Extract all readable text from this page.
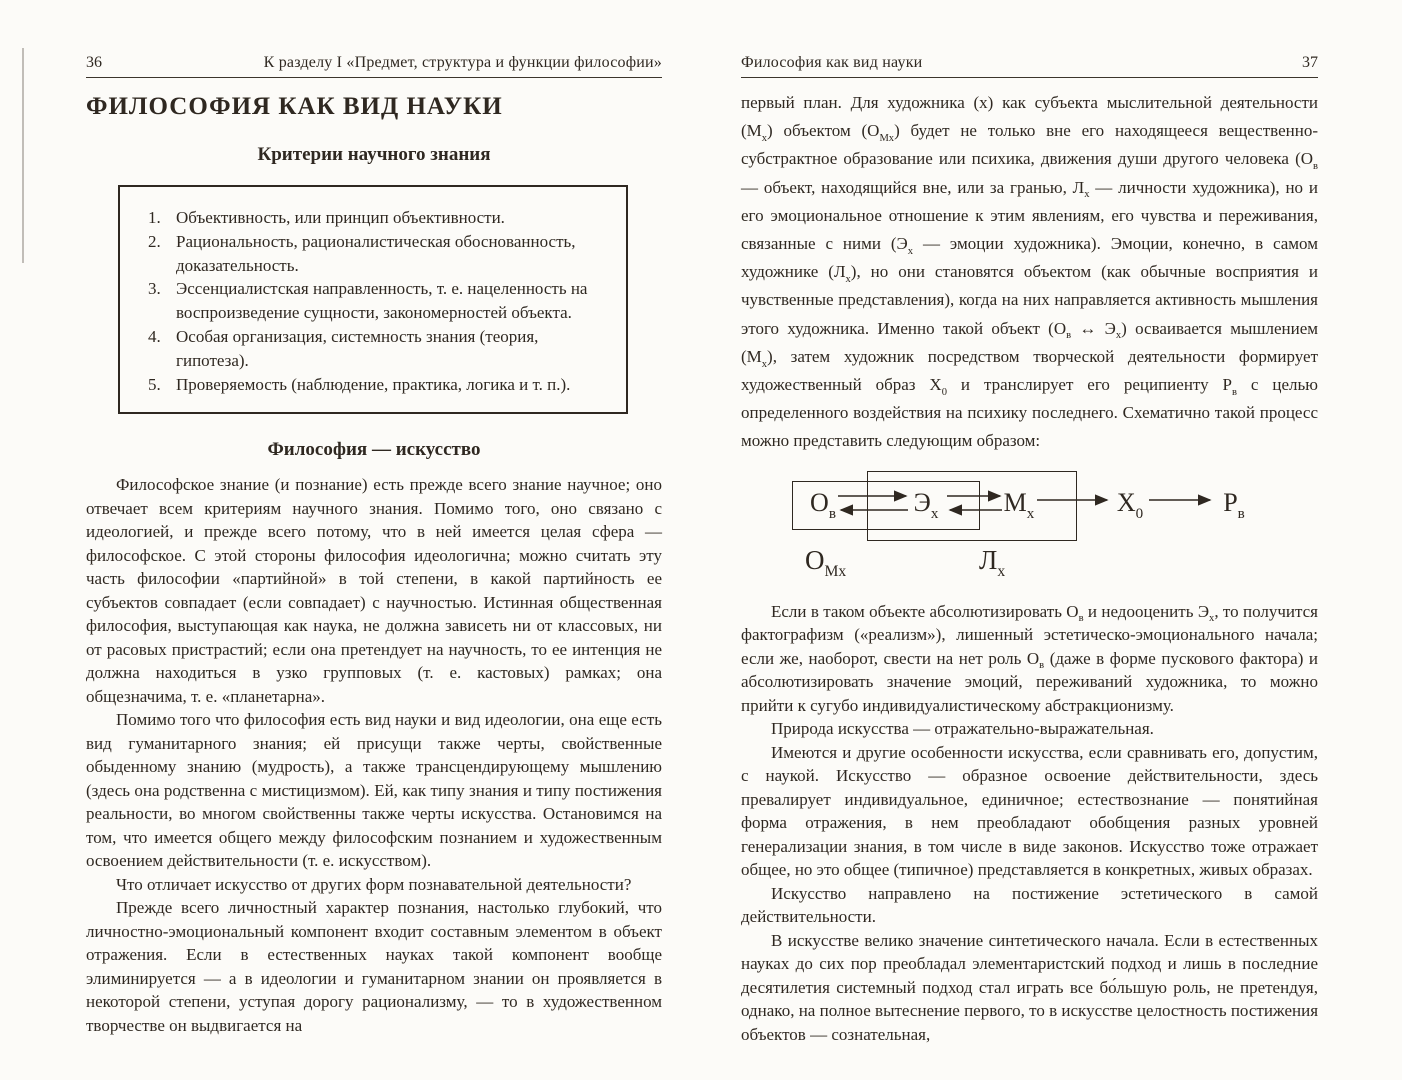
36	К разделу I «Предмет, структура и функции философии»
ФИЛОСОФИЯ КАК ВИД НАУКИ
Критерии научного знания
1. Объективность, или принцип объективности.
2. Рациональность, рационалистическая обоснованность, доказательность.
3. Эссенциалистская направленность, т. е. нацеленность на воспроизведение сущности, закономерностей объекта.
4. Особая организация, системность знания (теория, гипотеза).
5. Проверяемость (наблюдение, практика, логика и т. п.).
Философия — искусство

Философское знание (и познание) есть прежде всего знание научное; оно отвечает всем критериям научного знания. Помимо того, оно связано с идеологией, и прежде всего потому, что в ней имеется целая сфера — философское. С этой стороны философия идеологична; можно считать эту часть философии «партийной» в той степени, в какой партийность ее субъектов совпадает (если совпадает) с научностью. Истинная общественная философия, выступающая как наука, не должна зависеть ни от классовых, ни от расовых пристрастий; если она претендует на научность, то ее интенция не должна находиться в узко групповых (т. е. кастовых) рамках; она общезначима, т. е. «планетарна».

Помимо того что философия есть вид науки и вид идеологии, она еще есть вид гуманитарного знания; ей присущи также черты, свойственные обыденному знанию (мудрость), а также трансцендирующему мышлению (здесь она родственна с мистицизмом). Ей, как типу знания и типу постижения реальности, во многом свойственны также черты искусства. Остановимся на том, что имеется общего между философским познанием и художественным освоением действительности (т. е. искусством).

Что отличает искусство от других форм познавательной деятельности?

Прежде всего личностный характер познания, настолько глубокий, что личностно-эмоциональный компонент входит составным элементом в объект отражения. Если в естественных науках такой компонент вообще элиминируется — а в идеологии и гуманитарном знании он проявляется в некоторой степени, уступая дорогу рационализму, — то в художественном творчестве он выдвигается на

Философия как вид науки	37

первый план. Для художника (х) как субъекта мыслительной деятельности $(М_х)$ объектом $(О_{Мх})$ будет не только вне его находящееся вещественно-субстрактное образование или психика, движения души другого человека ($О_в$ — объект, находящийся вне, или за гранью, $Л_х$ — личности художника), но и его эмоциональное отношение к этим явлениям, его чувства и переживания, связанные с ними ($Э_х$ — эмоции художника). Эмоции, конечно, в самом художнике $(Л_х)$, но они становятся объектом (как обычные восприятия и чувственные представления), когда на них направляется активность мышления этого художника. Именно такой объект ($О_в$ ↔ $Э_х$) осваивается мышлением $(М_х)$, затем художник посредством творческой деятельности формирует художественный образ $Х_0$ и транслирует его реципиенту $Р_в$ с целью определенного воздействия на психику последнего. Схематично такой процесс можно представить следующим образом:

$О_в$	$Э_х$	$М_х$	$Х_0$	$Р_в$
$О_{Мх}$	$Л_х$

Если в таком объекте абсолютизировать $О_в$ и недооценить $Э_х$, то получится фактографизм («реализм»), лишенный эстетическо-эмоционального начала; если же, наоборот, свести на нет роль $О_в$ (даже в форме пускового фактора) и абсолютизировать значение эмоций, переживаний художника, то можно прийти к сугубо индивидуалистическому абстракционизму.

Природа искусства — отражательно-выражательная.

Имеются и другие особенности искусства, если сравнивать его, допустим, с наукой. Искусство — образное освоение действительности, здесь превалирует индивидуальное, единичное; естествознание — понятийная форма отражения, в нем преобладают обобщения разных уровней генерализации знания, в том числе в виде законов. Искусство тоже отражает общее, но это общее (типичное) представляется в конкретных, живых образах.

Искусство направлено на постижение эстетического в самой действительности.

В искусстве велико значение синтетического начала. Если в естественных науках до сих пор преобладал элементаристский подход и лишь в последние десятилетия системный подход стал играть все бо́льшую роль, не претендуя, однако, на полное вытеснение первого, то в искусстве целостность постижения объектов — сознательная,
